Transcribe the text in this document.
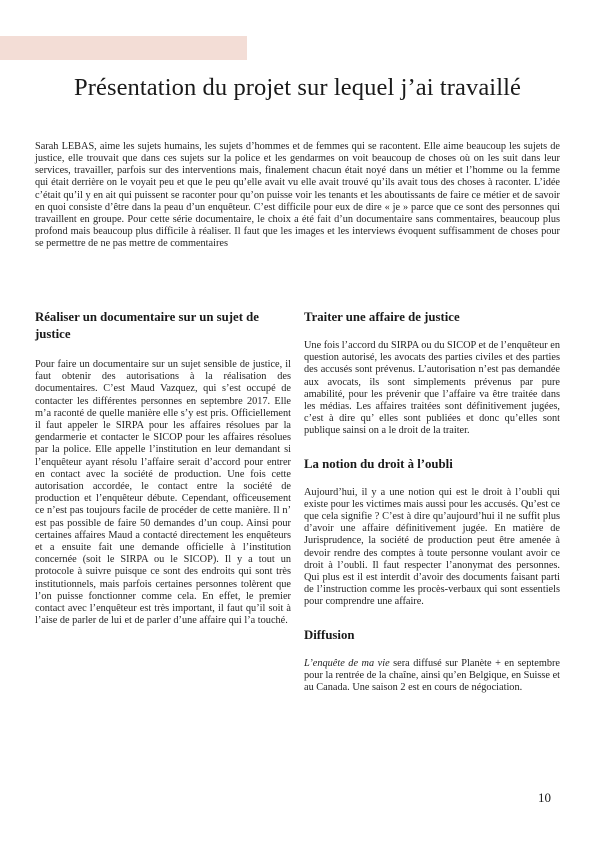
Présentation du projet sur lequel j’ai travaillé

Sarah LEBAS, aime les sujets humains, les sujets d’hommes et de femmes qui se racontent. Elle aime beaucoup les sujets de justice, elle trouvait que dans ces sujets sur la police et les gendarmes on voit beaucoup de choses où on les suit dans leur services, travailler, parfois sur des interventions mais, finalement chacun était noyé dans un métier et l’homme ou la femme qui était derrière on le voyait peu et que le peu qu’elle avait vu elle avait trouvé qu’ils avait tous des choses à raconter. L’idée c’était qu’il y en ait qui puissent se raconter pour qu’on puisse voir les tenants et les aboutissants de faire ce métier et de savoir en quoi consiste d’être dans la peau d’un enquêteur. C’est difficile pour eux de dire « je » parce que ce sont des personnes qui travaillent en groupe. Pour cette série documentaire, le choix a été fait d’un documentaire sans commentaires, beaucoup plus profond mais beaucoup plus difficile à réaliser. Il faut que les images et les interviews évoquent suffisamment de choses pour se permettre de ne pas mettre de commentaires

Réaliser un documentaire sur un sujet de justice

Pour faire un documentaire sur un sujet sensible de justice, il faut obtenir des autorisations à la réalisation des documentaires. C’est Maud Vazquez, qui s’est occupé de contacter les différentes personnes en septembre 2017. Elle m’a raconté de quelle manière elle s’y est pris. Officiellement il faut appeler le SIRPA pour les affaires résolues par la gendarmerie et contacter le SICOP pour les affaires résolues par la police. Elle appelle l’institution en leur demandant si l’enquêteur ayant résolu l’affaire serait d’accord pour entrer en contact avec la société de production. Une fois cette autorisation accordée, le contact entre la société de production et l’enquêteur débute. Cependant, officeusement ce n’est pas toujours facile de procéder de cette manière. Il n’ est pas possible de faire 50 demandes d’un coup. Ainsi pour certaines affaires Maud a contacté directement les enquêteurs et a ensuite fait une demande officielle à l’institution concernée (soit le SIRPA ou le SICOP). Il y a tout un protocole à suivre puisque ce sont des endroits qui sont très institutionnels, mais parfois certaines personnes tolèrent que l’on puisse fonctionner comme cela. En effet, le premier contact avec l’enquêteur est très important, il faut qu’il soit à l’aise de parler de lui et de parler d’une affaire qui l’a touché.

Traiter une affaire de justice

Une fois l’accord du SIRPA ou du SICOP et de l’enquêteur en question autorisé, les avocats des parties civiles et des parties des accusés sont prévenus. L’autorisation n’est pas demandée aux avocats, ils sont simplements prévenus par pure amabilité, pour les prévenir que l’affaire va être traitée dans les médias. Les affaires traitées sont définitivement jugées, c’est à dire qu’ elles sont publiées et donc qu’elles sont publique sainsi on a le droit de la traiter.

La notion du droit à l’oubli

Aujourd’hui, il y a une notion qui est le droit à l’oubli qui existe pour les victimes mais aussi pour les accusés. Qu’est ce que cela signifie ? C’est à dire qu’aujourd’hui il ne suffit plus d’avoir une affaire définitivement jugée. En matière de Jurisprudence, la société de production peut être amenée à devoir rendre des comptes à toute personne voulant avoir ce droit à l’oubli. Il faut respecter l’anonymat des personnes. Qui plus est il est interdit d’avoir des documents faisant parti de l’instruction comme les procès-verbaux qui sont essentiels pour comprendre une affaire.

Diffusion

L’enquête de ma vie sera diffusé sur Planète + en septembre pour la rentrée de la chaîne, ainsi qu’en Belgique, en Suisse et au Canada. Une saison 2 est en cours de négociation.

10
